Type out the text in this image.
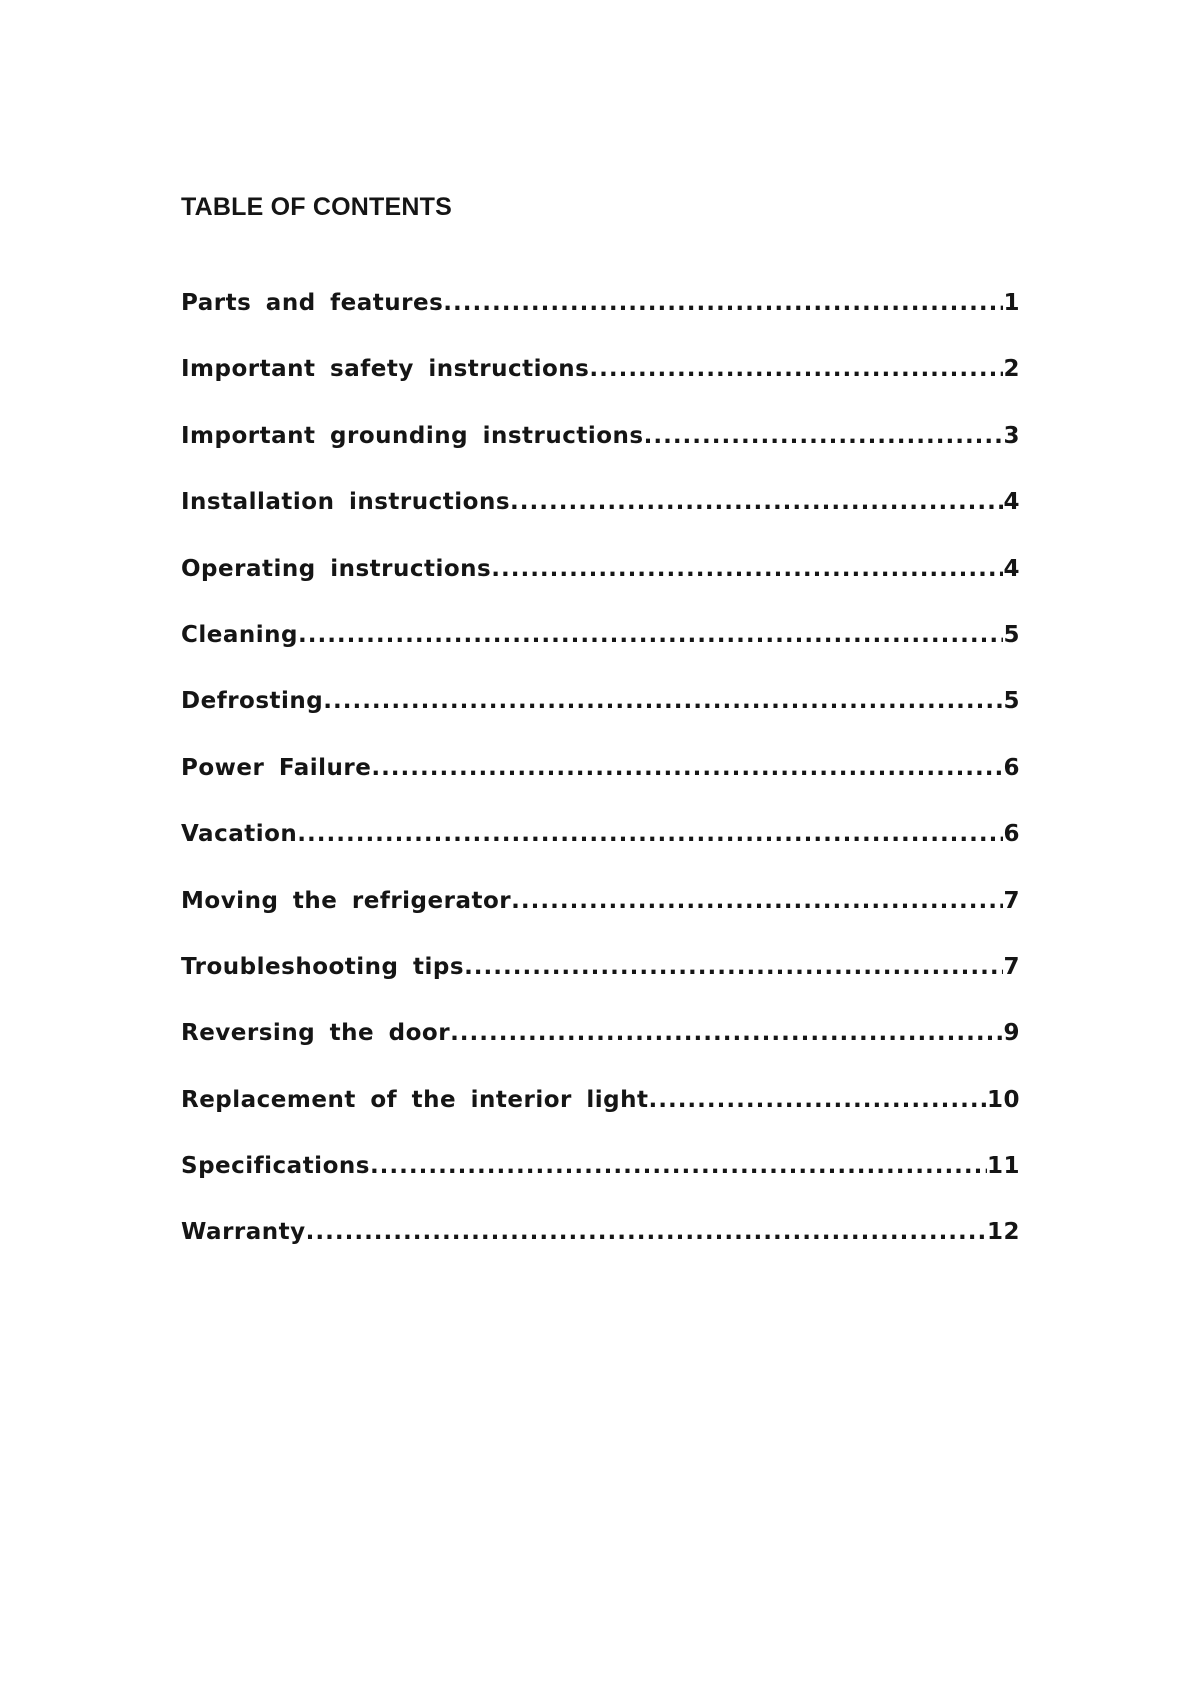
TABLE OF CONTENTS
Parts and features .....	1
Important safety instructions .....	2
Important grounding instructions .....	3
Installation instructions .....	4
Operating instructions .....	4
Cleaning .....	5
Defrosting .....	5
Power Failure .....	6
Vacation .....	6
Moving the refrigerator .....	7
Troubleshooting tips .....	7
Reversing the door .....	9
Replacement of the interior light .....	10
Specifications .....	11
Warranty .....	12
